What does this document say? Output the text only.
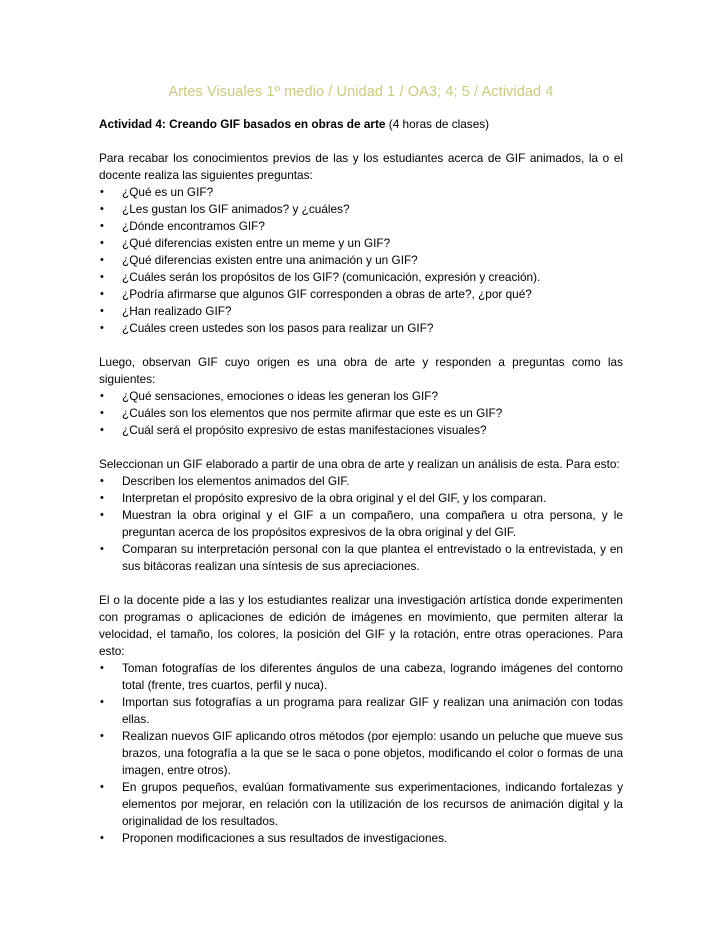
Artes Visuales 1º medio / Unidad 1 / OA3; 4; 5 / Actividad 4

Actividad 4: Creando GIF basados en obras de arte (4 horas de clases)

Para recabar los conocimientos previos de las y los estudiantes acerca de GIF animados, la o el docente realiza las siguientes preguntas:

• ¿Qué es un GIF?
• ¿Les gustan los GIF animados? y ¿cuáles?
• ¿Dónde encontramos GIF?
• ¿Qué diferencias existen entre un meme y un GIF?
• ¿Qué diferencias existen entre una animación y un GIF?
• ¿Cuáles serán los propósitos de los GIF? (comunicación, expresión y creación).
• ¿Podría afirmarse que algunos GIF corresponden a obras de arte?, ¿por qué?
• ¿Han realizado GIF?
• ¿Cuáles creen ustedes son los pasos para realizar un GIF?

Luego, observan GIF cuyo origen es una obra de arte y responden a preguntas como las siguientes:

• ¿Qué sensaciones, emociones o ideas les generan los GIF?
• ¿Cuáles son los elementos que nos permite afirmar que este es un GIF?
• ¿Cuál será el propósito expresivo de estas manifestaciones visuales?

Seleccionan un GIF elaborado a partir de una obra de arte y realizan un análisis de esta. Para esto:

• Describen los elementos animados del GIF.
• Interpretan el propósito expresivo de la obra original y el del GIF, y los comparan.
• Muestran la obra original y el GIF a un compañero, una compañera u otra persona, y le preguntan acerca de los propósitos expresivos de la obra original y del GIF.
• Comparan su interpretación personal con la que plantea el entrevistado o la entrevistada, y en sus bitácoras realizan una síntesis de sus apreciaciones.

El o la docente pide a las y los estudiantes realizar una investigación artística donde experimenten con programas o aplicaciones de edición de imágenes en movimiento, que permiten alterar la velocidad, el tamaño, los colores, la posición del GIF y la rotación, entre otras operaciones. Para esto:

• Toman fotografías de los diferentes ángulos de una cabeza, logrando imágenes del contorno total (frente, tres cuartos, perfil y nuca).
• Importan sus fotografías a un programa para realizar GIF y realizan una animación con todas ellas.
• Realizan nuevos GIF aplicando otros métodos (por ejemplo: usando un peluche que mueve sus brazos, una fotografía a la que se le saca o pone objetos, modificando el color o formas de una imagen, entre otros).
• En grupos pequeños, evalúan formativamente sus experimentaciones, indicando fortalezas y elementos por mejorar, en relación con la utilización de los recursos de animación digital y la originalidad de los resultados.
• Proponen modificaciones a sus resultados de investigaciones.
